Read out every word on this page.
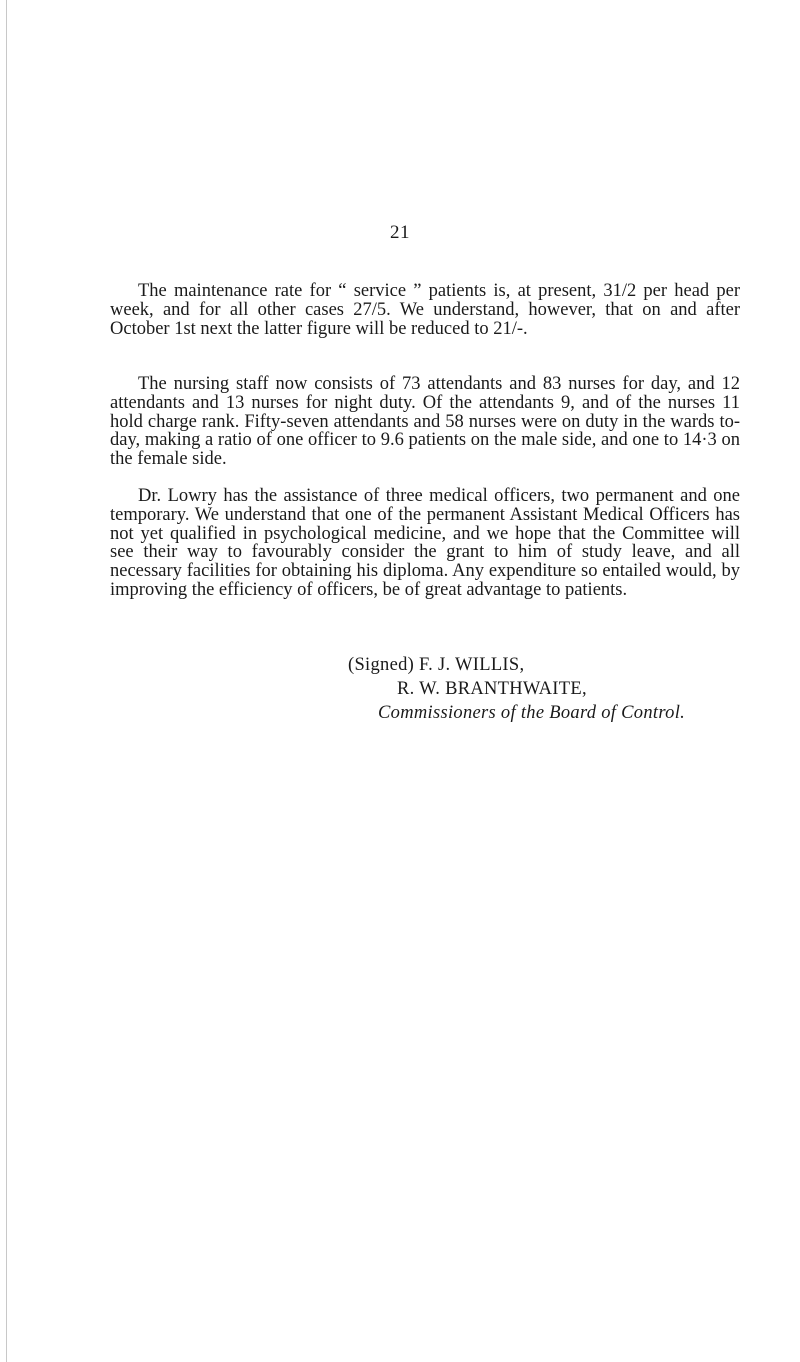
21

The maintenance rate for “ service ” patients is, at present, 31/2 per head per week, and for all other cases 27/5. We understand, however, that on and after October 1st next the latter figure will be reduced to 21/-.

The nursing staff now consists of 73 attendants and 83 nurses for day, and 12 attendants and 13 nurses for night duty. Of the attendants 9, and of the nurses 11 hold charge rank. Fifty-seven attendants and 58 nurses were on duty in the wards to-day, making a ratio of one officer to 9.6 patients on the male side, and one to 14·3 on the female side.

Dr. Lowry has the assistance of three medical officers, two permanent and one temporary. We understand that one of the permanent Assistant Medical Officers has not yet qualified in psychological medicine, and we hope that the Committee will see their way to favourably consider the grant to him of study leave, and all necessary facilities for obtaining his diploma. Any expenditure so entailed would, by improving the efficiency of officers, be of great advantage to patients.

(Signed) F. J. WILLIS,
R. W. BRANTHWAITE,
Commissioners of the Board of Control.
